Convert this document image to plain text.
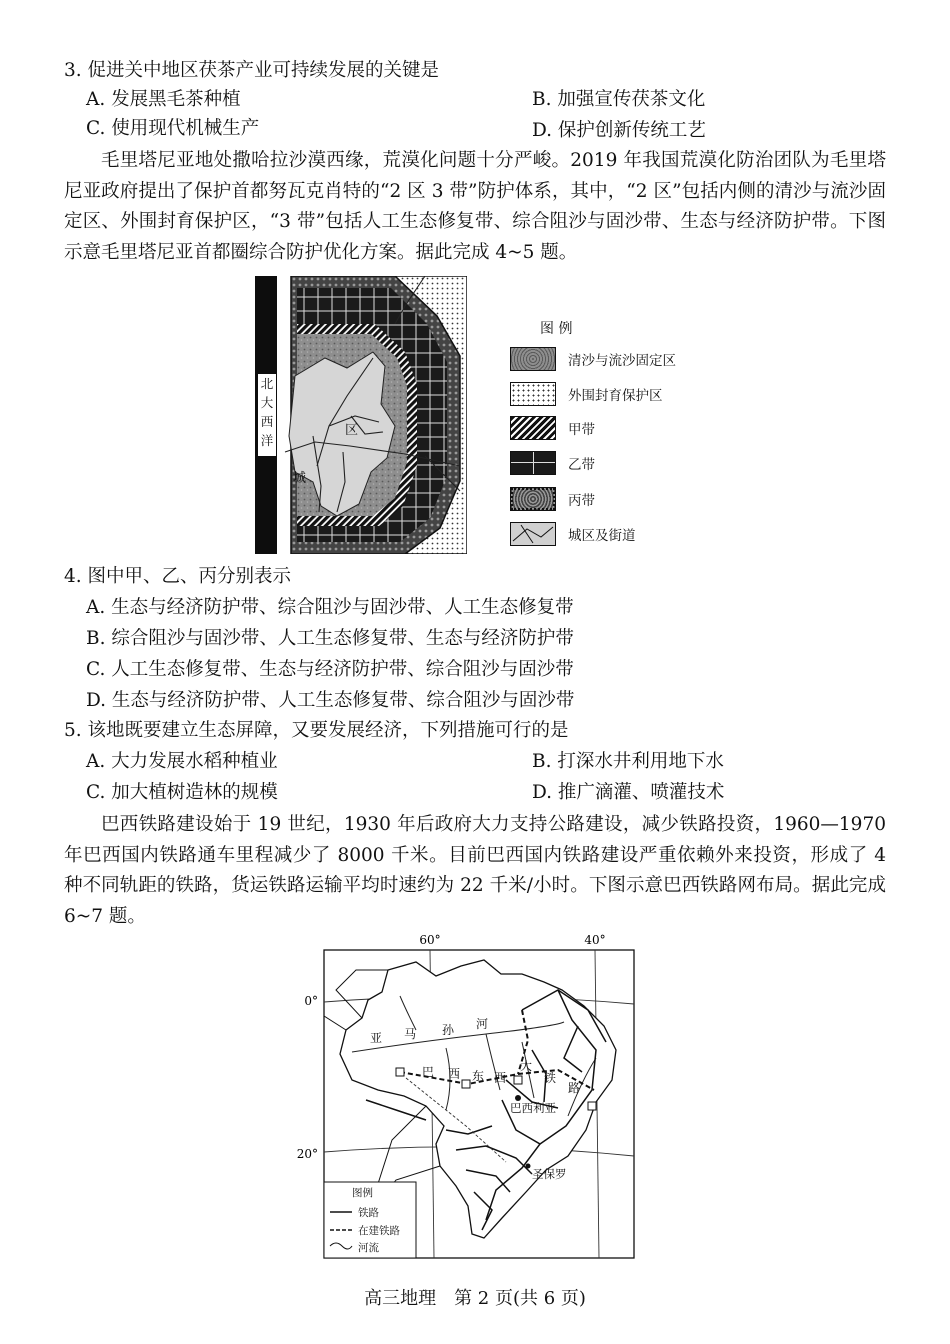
3. 促进关中地区茯茶产业可持续发展的关键是
A. 发展黑毛茶种植	B. 加强宣传茯茶文化
C. 使用现代机械生产	D. 保护创新传统工艺
毛里塔尼亚地处撒哈拉沙漠西缘，荒漠化问题十分严峻。2019 年我国荒漠化防治团队为毛里塔尼亚政府提出了保护首都努瓦克肖特的“2 区 3 带”防护体系，其中，“2 区”包括内侧的清沙与流沙固定区、外围封育保护区，“3 带”包括人工生态修复带、综合阻沙与固沙带、生态与经济防护带。下图示意毛里塔尼亚首都圈综合防护优化方案。据此完成 4~5 题。
北
大
西
洋
区
城
图 例
清沙与流沙固定区
外围封育保护区
甲带
乙带
丙带
城区及街道
4. 图中甲、乙、丙分别表示
A. 生态与经济防护带、综合阻沙与固沙带、人工生态修复带
B. 综合阻沙与固沙带、人工生态修复带、生态与经济防护带
C. 人工生态修复带、生态与经济防护带、综合阻沙与固沙带
D. 生态与经济防护带、人工生态修复带、综合阻沙与固沙带
5. 该地既要建立生态屏障，又要发展经济，下列措施可行的是
A. 大力发展水稻种植业	B. 打深水井利用地下水
C. 加大植树造林的规模	D. 推广滴灌、喷灌技术
巴西铁路建设始于 19 世纪，1930 年后政府大力支持公路建设，减少铁路投资，1960—1970 年巴西国内铁路通车里程减少了 8000 千米。目前巴西国内铁路建设严重依赖外来投资，形成了 4 种不同轨距的铁路，货运铁路运输平均时速约为 22 千米/小时。下图示意巴西铁路网布局。据此完成 6~7 题。
60°	40°
0°
20°
亚 马 孙 河
巴 西 东 西
大
铁
路
巴西利亚
圣保罗
图例
铁路
在建铁路
河流
高三地理　第 2 页(共 6 页)
